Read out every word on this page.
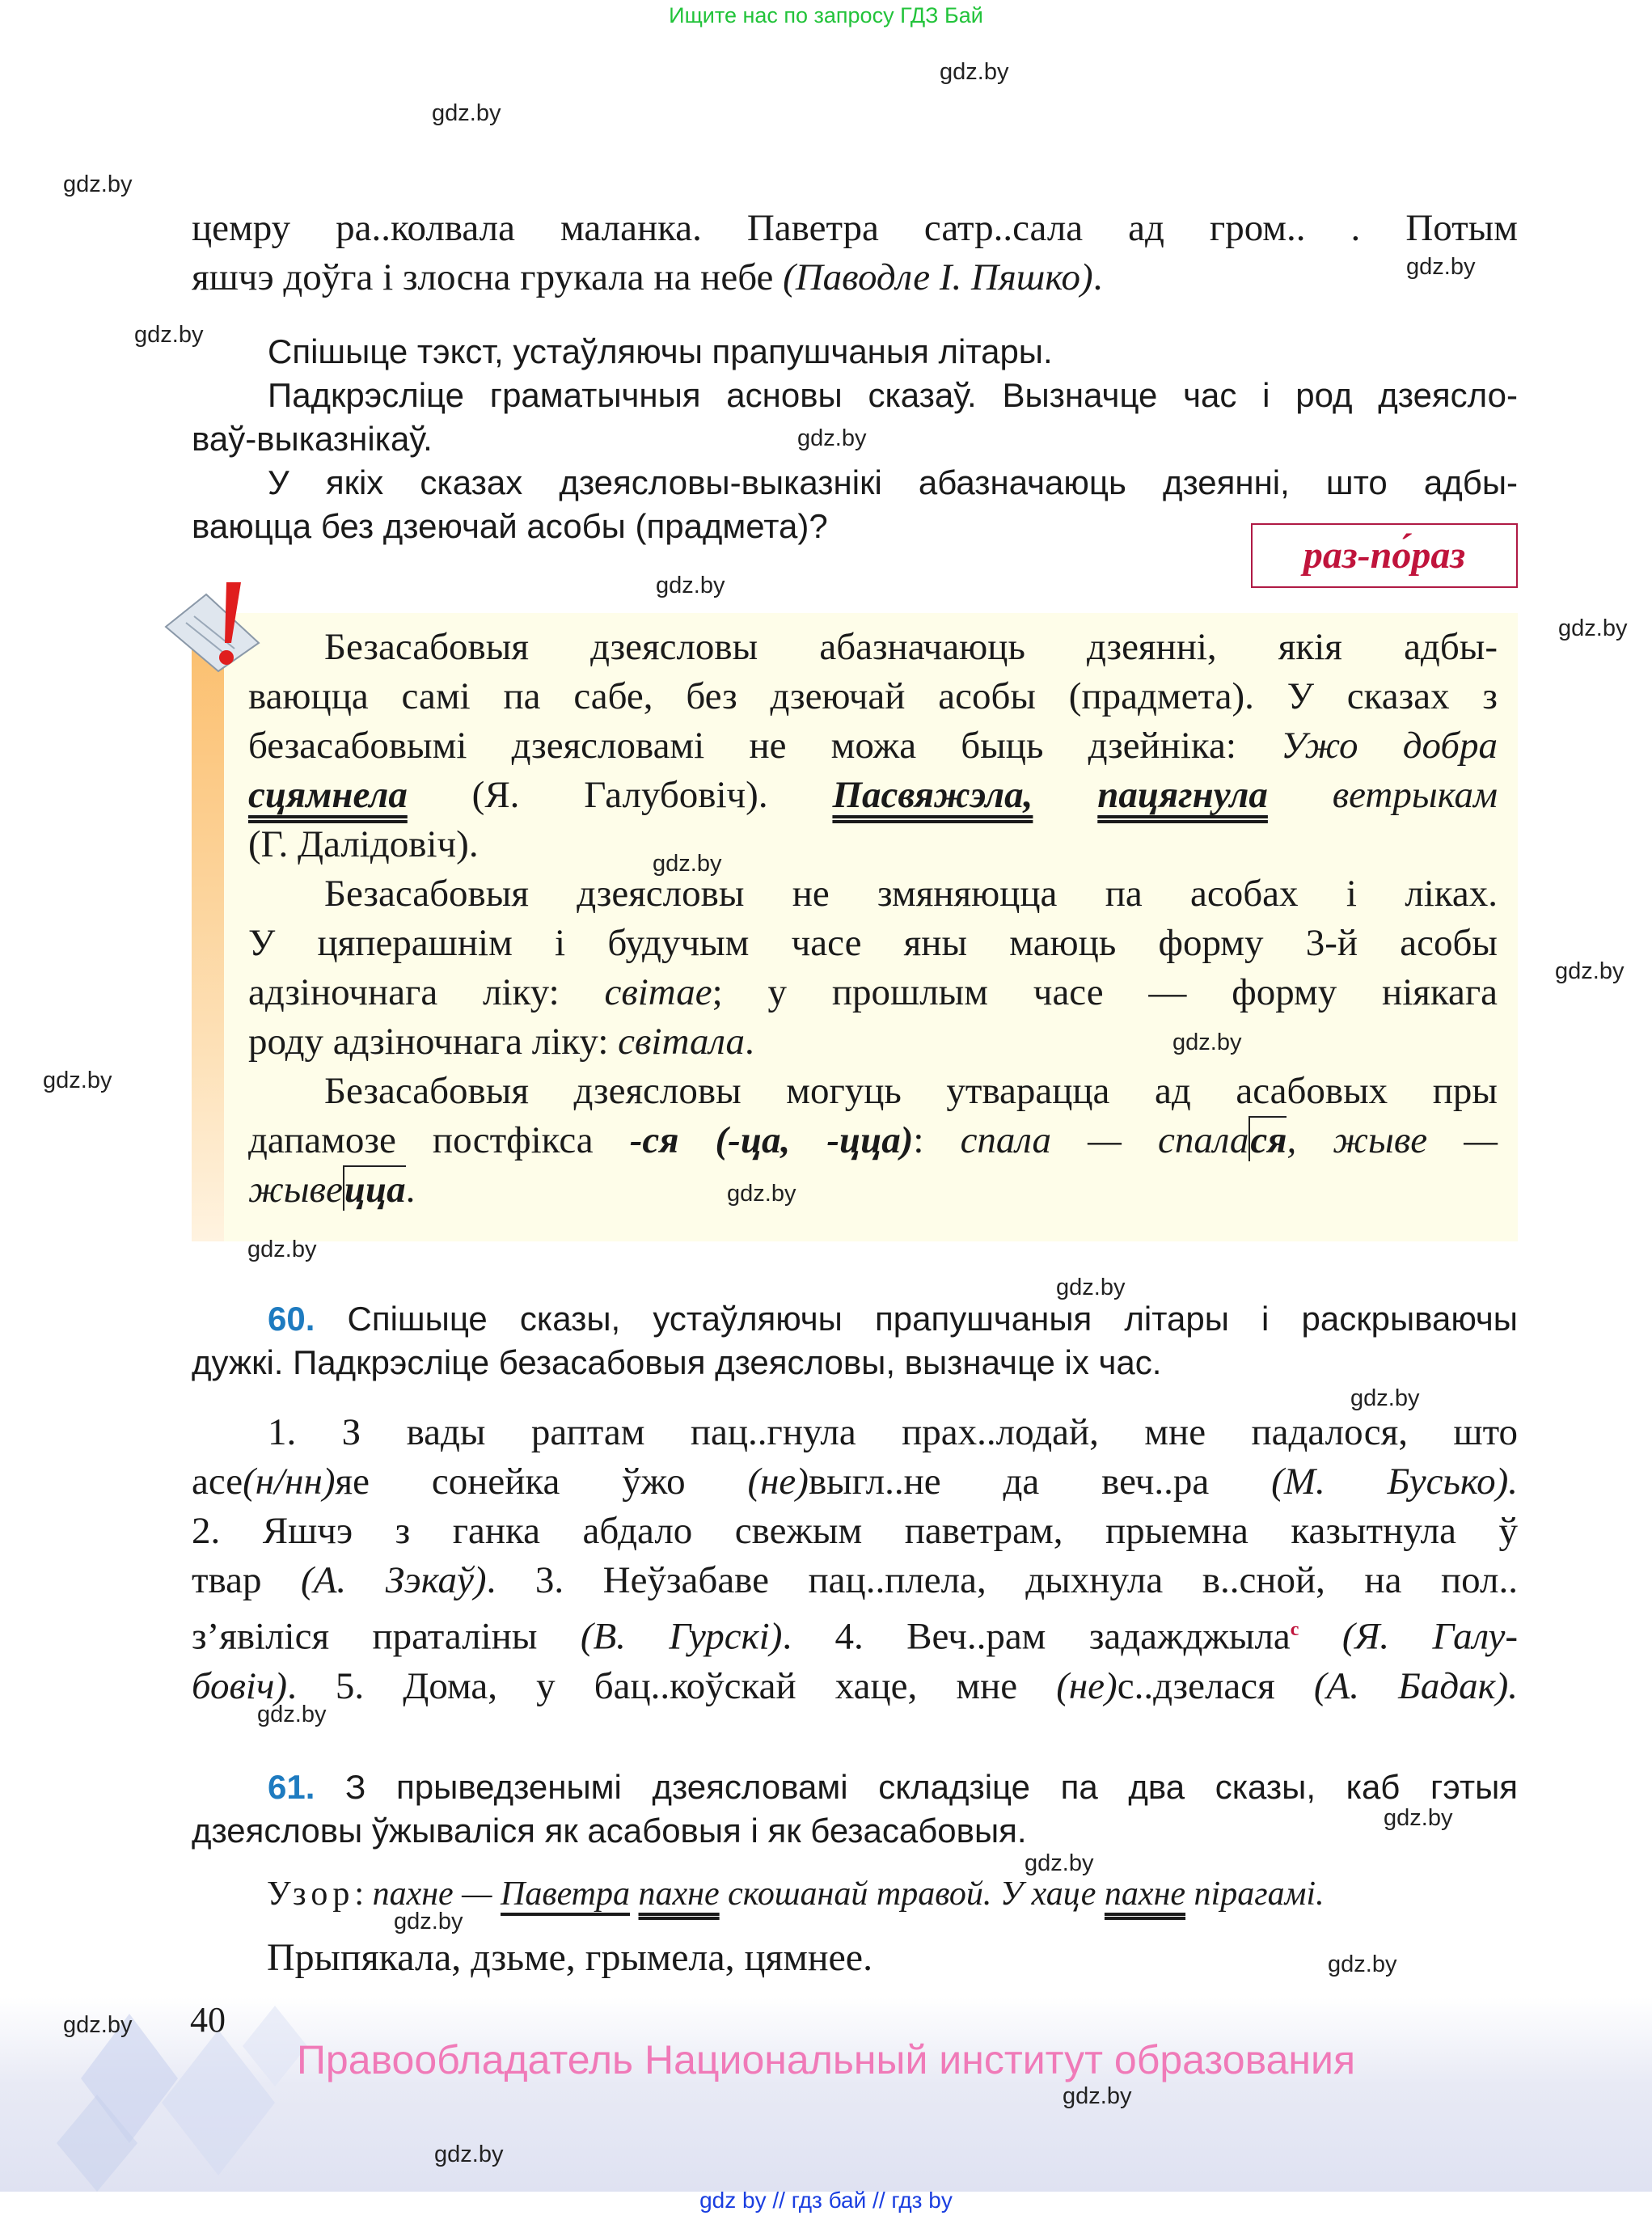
Ищите нас по запросу ГДЗ Бай
цемру ра..колвала маланка. Паветра сатр..сала ад гром.. . Потым
яшчэ доўга і злосна грукала на небе (Паводле І. Пяшко).
Спішыце тэкст, устаўляючы прапушчаныя літары.
Падкрэсліце граматычныя асновы сказаў. Вызначце час і род дзеясло-
ваў-выказнікаў.
У якіх сказах дзеясловы-выказнікі абазначаюць дзеянні, што адбы-
ваюцца без дзеючай асобы (прадмета)?
раз-по́раз
Безасабовыя дзеясловы абазначаюць дзеянні, якія адбы-
ваюцца самі па сабе, без дзеючай асобы (прадмета). У сказах з
безасабовымі дзеясловамі не можа быць дзейніка: Ужо добра
сцямнела (Я. Галубовіч). Пасвяжэла, пацягнула ветрыкам
(Г. Далідовіч).
Безасабовыя дзеясловы не змяняюцца па асобах і ліках.
У цяперашнім і будучым часе яны маюць форму 3-й асобы
адзіночнага ліку: світае; у прошлым часе — форму ніякага
роду адзіночнага ліку: світала.
Безасабовыя дзеясловы могуць утварацца ад асабовых пры
дапамозе постфікса -ся (-ца, -цца): спала — спалася, жыве —
жывецца.
60. Спішыце сказы, устаўляючы прапушчаныя літары і раскрываючы
дужкі. Падкрэсліце безасабовыя дзеясловы, вызначце іх час.
1. З вады раптам пац..гнула прах..лодай, мне падалося, што
асе(н/нн)яе сонейка ўжо (не)выгл..не да веч..ра (М. Бусько).
2. Яшчэ з ганка абдало свежым паветрам, прыемна казытнула ў
твар (А. Зэкаў). 3. Неўзабаве пац..плела, дыхнула в..сной, на пол..
з’явіліся праталіны (В. Гурскі). 4. Веч..рам задажджыла$^с$ (Я. Галу-
бовіч). 5. Дома, у бац..коўскай хаце, мне (не)с..дзелася (А. Бадак).
61. З прыведзенымі дзеясловамі складзіце па два сказы, каб гэтыя
дзеясловы ўжываліся як асабовыя і як безасабовыя.
Узор: пахне — Паветра пахне скошанай травой. У хаце пахне пірагамі.
Прыпякала, дзьме, грымела, цямнее.
40
Правообладатель Национальный институт образования
gdz by // гдз бай // гдз by
gdz.by
gdz.by
gdz.by
gdz.by
gdz.by
gdz.by
gdz.by
gdz.by
gdz.by
gdz.by
gdz.by
gdz.by
gdz.by
gdz.by
gdz.by
gdz.by
gdz.by
gdz.by
gdz.by
gdz.by
gdz.by
gdz.by
gdz.by
gdz.by
